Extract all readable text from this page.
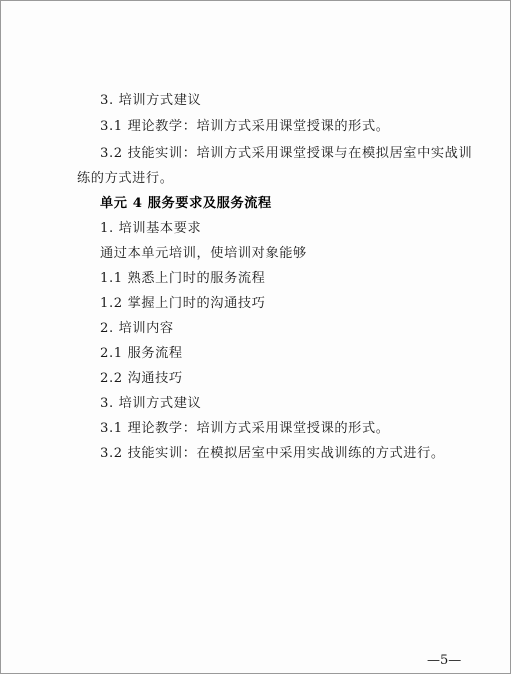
3. 培训方式建议
3.1 理论教学：培训方式采用课堂授课的形式。
3.2 技能实训：培训方式采用课堂授课与在模拟居室中实战训
练的方式进行。
单元 4 服务要求及服务流程
1. 培训基本要求
通过本单元培训，使培训对象能够
1.1 熟悉上门时的服务流程
1.2 掌握上门时的沟通技巧
2. 培训内容
2.1 服务流程
2.2 沟通技巧
3. 培训方式建议
3.1 理论教学：培训方式采用课堂授课的形式。
3.2 技能实训：在模拟居室中采用实战训练的方式进行。
—5—
